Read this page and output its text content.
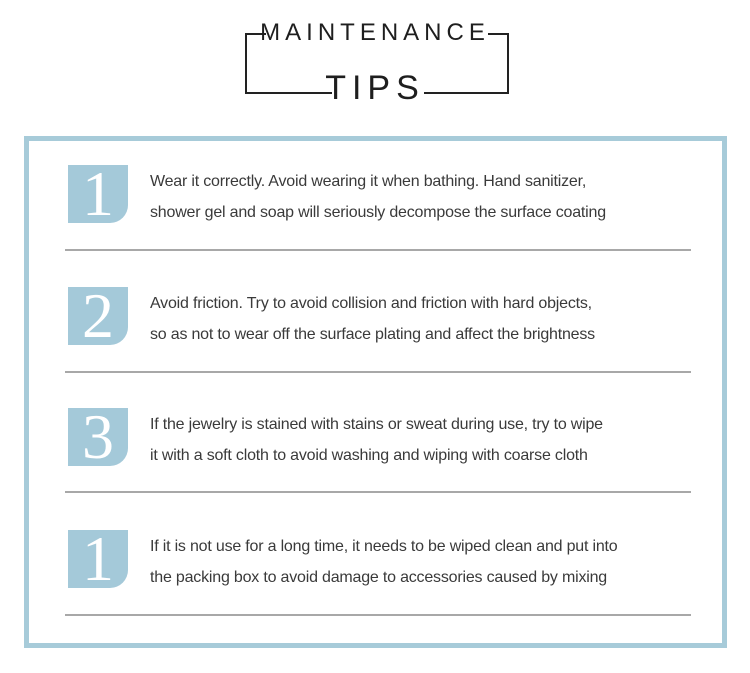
MAINTENANCE
TIPS
1	Wear it correctly. Avoid wearing it when bathing. Hand sanitizer,
shower gel and soap will seriously decompose the surface coating
2	Avoid friction. Try to avoid collision and friction with hard objects,
so as not to wear off the surface plating and affect the brightness
3	If the jewelry is stained with stains or sweat during use, try to wipe
it with a soft cloth to avoid washing and wiping with coarse cloth
1	If it is not use for a long time, it needs to be wiped clean and put into
the packing box to avoid damage to accessories caused by mixing
